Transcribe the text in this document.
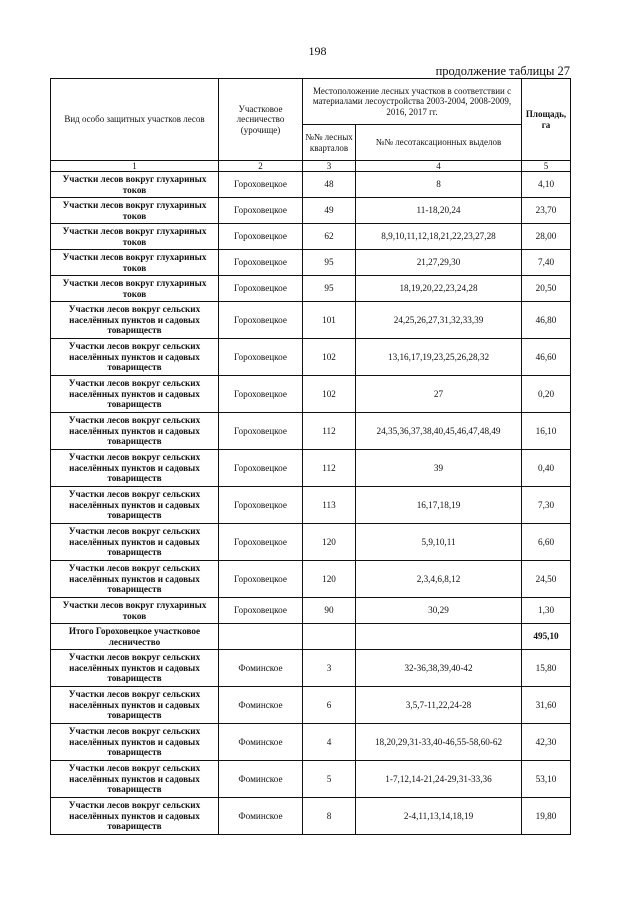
198
продолжение таблицы 27
Вид особо защитных участков лесов	Участковое лесничество (урочище)	Местоположение лесных участков в соответствии с материалами лесоустройства 2003-2004, 2008-2009, 2016, 2017 гг.		Площадь, га
		№№ лесных кварталов	№№ лесотаксационных выделов	
1	2	3	4	5
Участки лесов вокруг глухариных токов	Гороховецкое	48	8	4,10
Участки лесов вокруг глухариных токов	Гороховецкое	49	11-18,20,24	23,70
Участки лесов вокруг глухариных токов	Гороховецкое	62	8,9,10,11,12,18,21,22,23,27,28	28,00
Участки лесов вокруг глухариных токов	Гороховецкое	95	21,27,29,30	7,40
Участки лесов вокруг глухариных токов	Гороховецкое	95	18,19,20,22,23,24,28	20,50
Участки лесов вокруг сельских населённых пунктов и садовых товариществ	Гороховецкое	101	24,25,26,27,31,32,33,39	46,80
Участки лесов вокруг сельских населённых пунктов и садовых товариществ	Гороховецкое	102	13,16,17,19,23,25,26,28,32	46,60
Участки лесов вокруг сельских населённых пунктов и садовых товариществ	Гороховецкое	102	27	0,20
Участки лесов вокруг сельских населённых пунктов и садовых товариществ	Гороховецкое	112	24,35,36,37,38,40,45,46,47,48,49	16,10
Участки лесов вокруг сельских населённых пунктов и садовых товариществ	Гороховецкое	112	39	0,40
Участки лесов вокруг сельских населённых пунктов и садовых товариществ	Гороховецкое	113	16,17,18,19	7,30
Участки лесов вокруг сельских населённых пунктов и садовых товариществ	Гороховецкое	120	5,9,10,11	6,60
Участки лесов вокруг сельских населённых пунктов и садовых товариществ	Гороховецкое	120	2,3,4,6,8,12	24,50
Участки лесов вокруг глухариных токов	Гороховецкое	90	30,29	1,30
Итого Гороховецкое участковое лесничество				495,10
Участки лесов вокруг сельских населённых пунктов и садовых товариществ	Фоминское	3	32-36,38,39,40-42	15,80
Участки лесов вокруг сельских населённых пунктов и садовых товариществ	Фоминское	6	3,5,7-11,22,24-28	31,60
Участки лесов вокруг сельских населённых пунктов и садовых товариществ	Фоминское	4	18,20,29,31-33,40-46,55-58,60-62	42,30
Участки лесов вокруг сельских населённых пунктов и садовых товариществ	Фоминское	5	1-7,12,14-21,24-29,31-33,36	53,10
Участки лесов вокруг сельских населённых пунктов и садовых товариществ	Фоминское	8	2-4,11,13,14,18,19	19,80
